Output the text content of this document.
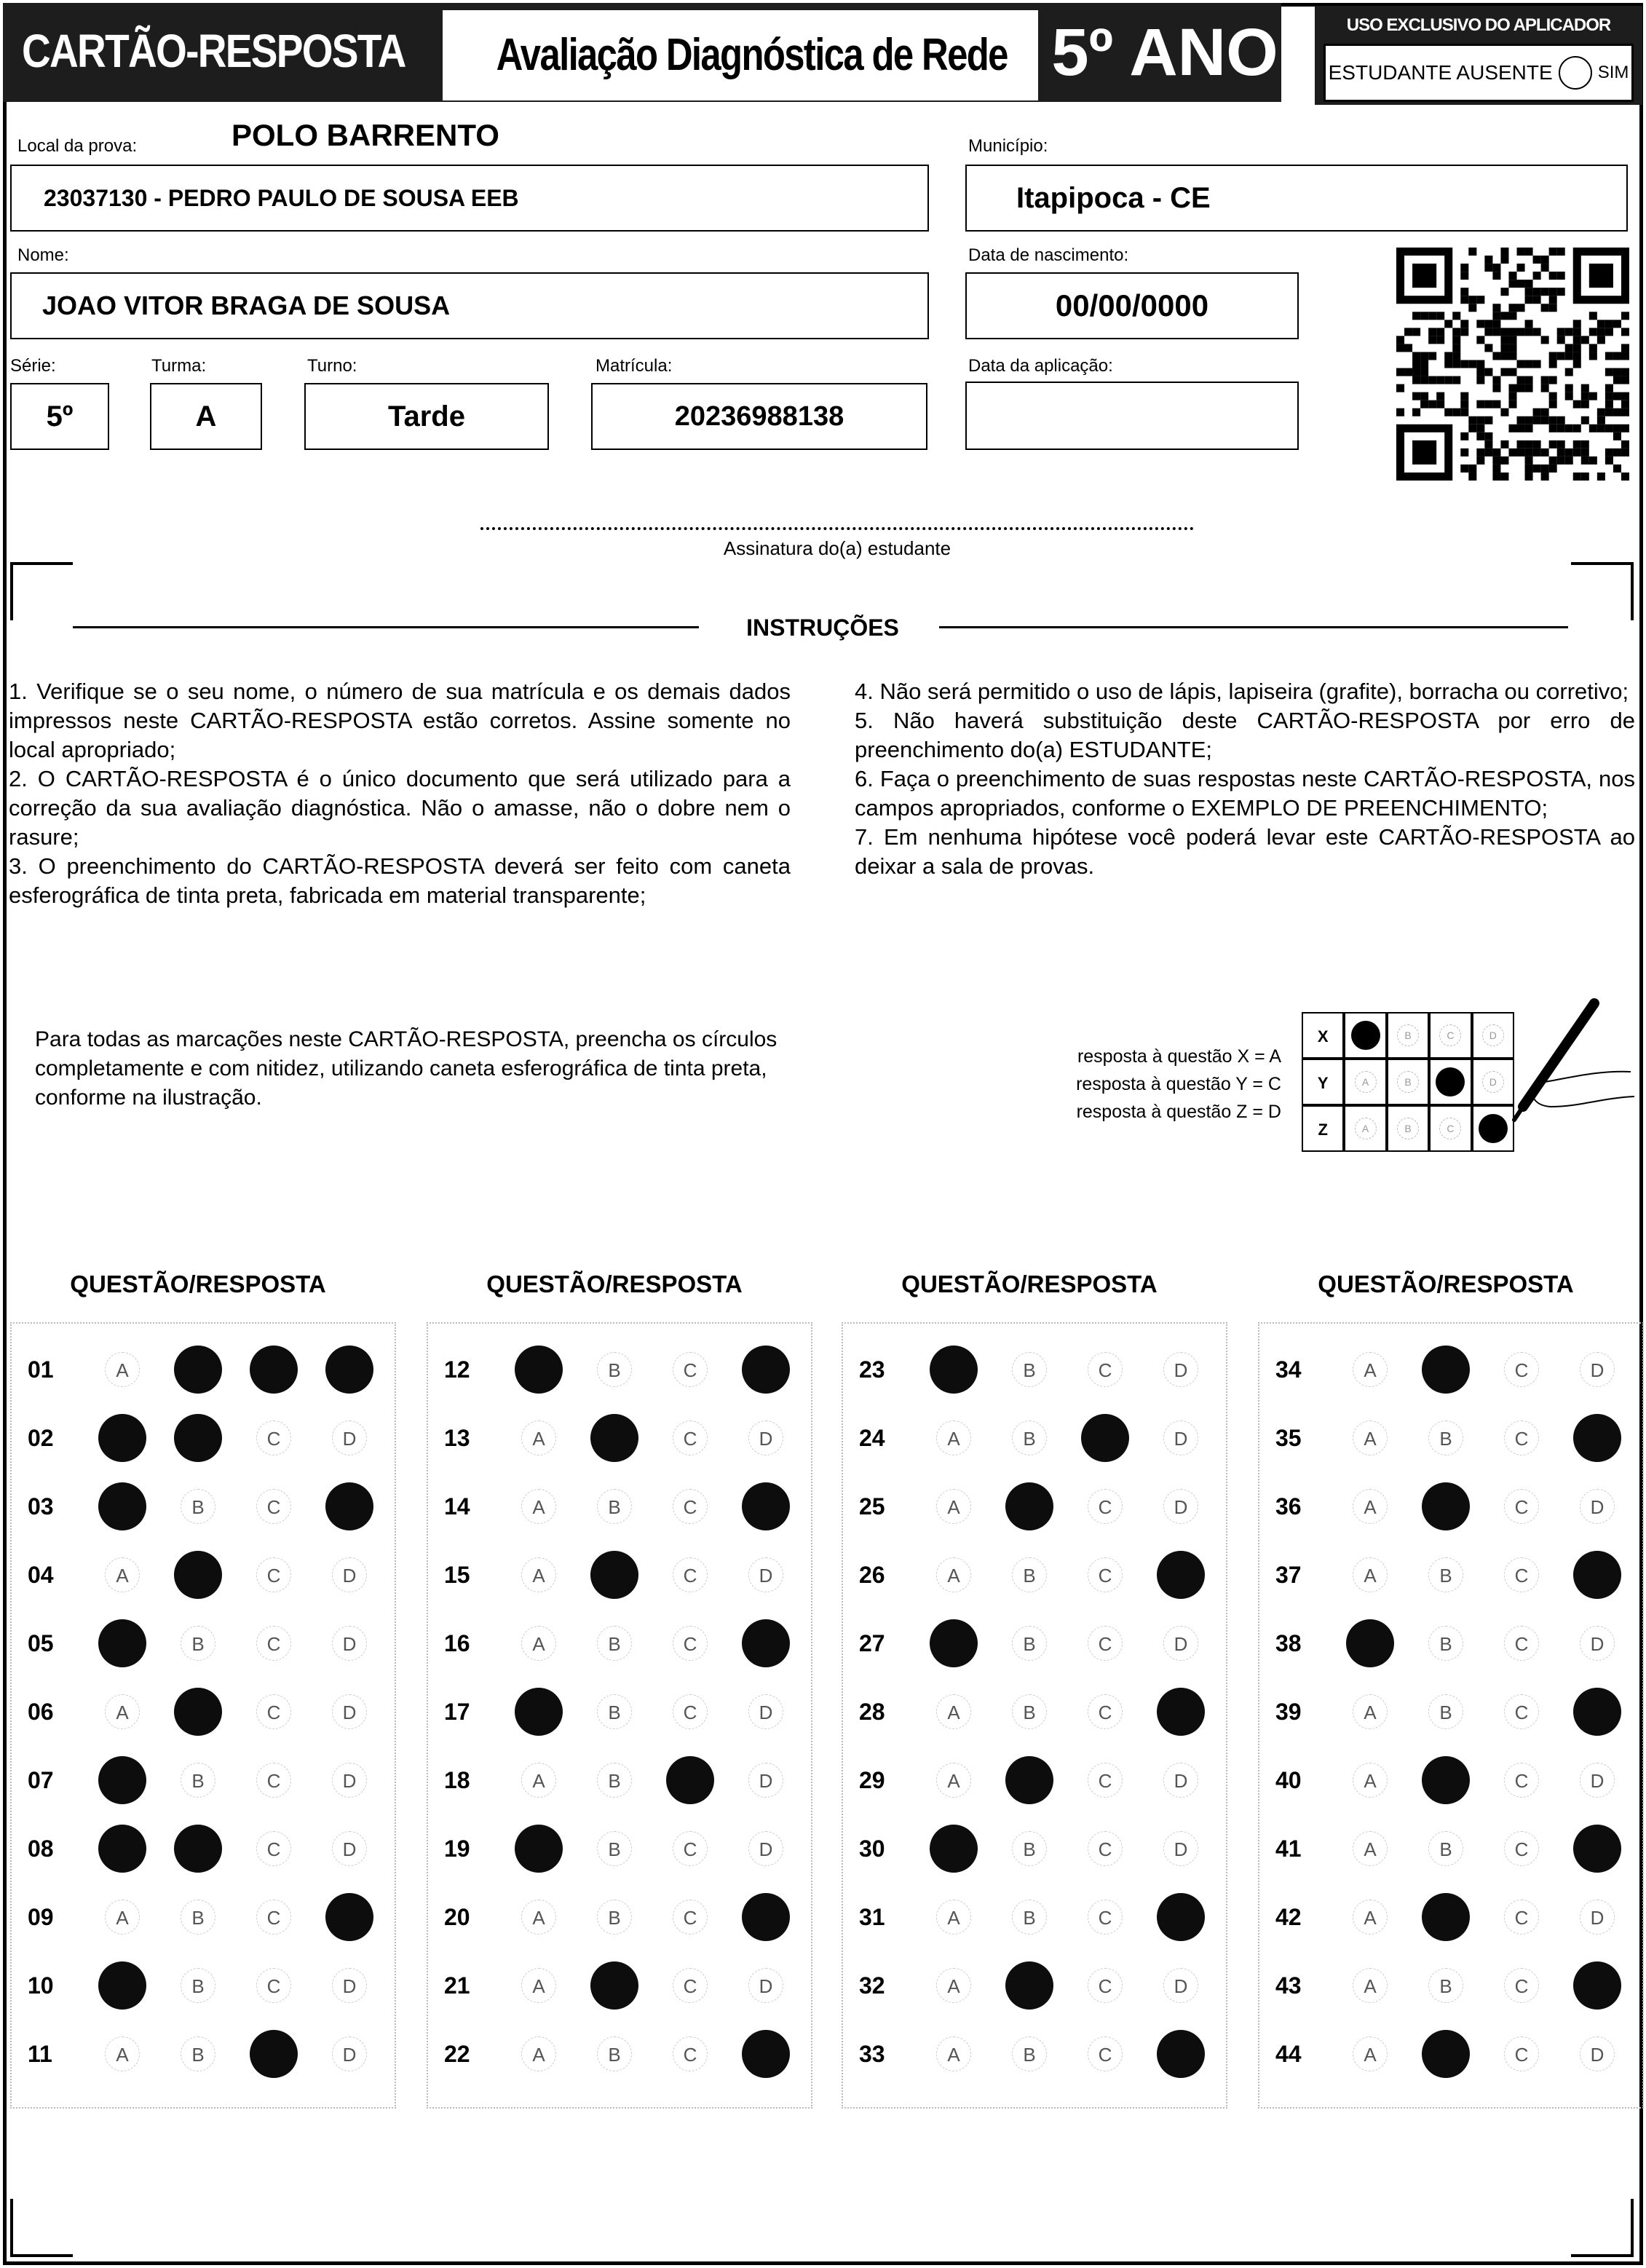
CARTÃO-RESPOSTA Avaliação Diagnóstica de Rede 5º ANO	USO EXCLUSIVO DO APLICADOR
ESTUDANTE AUSENTE	SIM
Local da prova:	POLO BARRENTO
23037130 - PEDRO PAULO DE SOUSA EEB
Município:
Itapipoca - CE
Nome:
JOAO VITOR BRAGA DE SOUSA
Data de nascimento:
00/00/0000
Série:
5º
Turma:
A
Turno:
Tarde
Matrícula:
20236988138
Data da aplicação:
Assinatura do(a) estudante
INSTRUÇÕES

1. Verifique se o seu nome, o número de sua matrícula e os demais dados impressos neste CARTÃO-RESPOSTA estão corretos. Assine somente no local apropriado;

2. O CARTÃO-RESPOSTA é o único documento que será utilizado para a correção da sua avaliação diagnóstica. Não o amasse, não o dobre nem o rasure;

3. O preenchimento do CARTÃO-RESPOSTA deverá ser feito com caneta esferográfica de tinta preta, fabricada em material transparente;

4. Não será permitido o uso de lápis, lapiseira (grafite), borracha ou corretivo;

5. Não haverá substituição deste CARTÃO-RESPOSTA por erro de preenchimento do(a) ESTUDANTE;

6. Faça o preenchimento de suas respostas neste CARTÃO-RESPOSTA, nos campos apropriados, conforme o EXEMPLO DE PREENCHIMENTO;

7. Em nenhuma hipótese você poderá levar este CARTÃO-RESPOSTA ao deixar a sala de provas.

Para todas as marcações neste CARTÃO-RESPOSTA, preencha os círculos completamente e com nitidez, utilizando caneta esferográfica de tinta preta, conforme na ilustração.
resposta à questão X = A
resposta à questão Y = C
resposta à questão Z = D
X	B	C	D
Y	A	B	D
Z	A	B	C
QUESTÃO/RESPOSTA	QUESTÃO/RESPOSTA	QUESTÃO/RESPOSTA	QUESTÃO/RESPOSTA
01	A	B	C	D
02	A	B	C	D
03	A	B	C	D
04	A	B	C	D
05	A	B	C	D
06	A	B	C	D
07	A	B	C	D
08	A	B	C	D
09	A	B	C	D
10	A	B	C	D
11	A	B	C	D
12	A	B	C	D
13	A	B	C	D
14	A	B	C	D
15	A	B	C	D
16	A	B	C	D
17	A	B	C	D
18	A	B	C	D
19	A	B	C	D
20	A	B	C	D
21	A	B	C	D
22	A	B	C	D
23	A	B	C	D
24	A	B	C	D
25	A	B	C	D
26	A	B	C	D
27	A	B	C	D
28	A	B	C	D
29	A	B	C	D
30	A	B	C	D
31	A	B	C	D
32	A	B	C	D
33	A	B	C	D
34	A	B	C	D
35	A	B	C	D
36	A	B	C	D
37	A	B	C	D
38	A	B	C	D
39	A	B	C	D
40	A	B	C	D
41	A	B	C	D
42	A	B	C	D
43	A	B	C	D
44	A	B	C	D
